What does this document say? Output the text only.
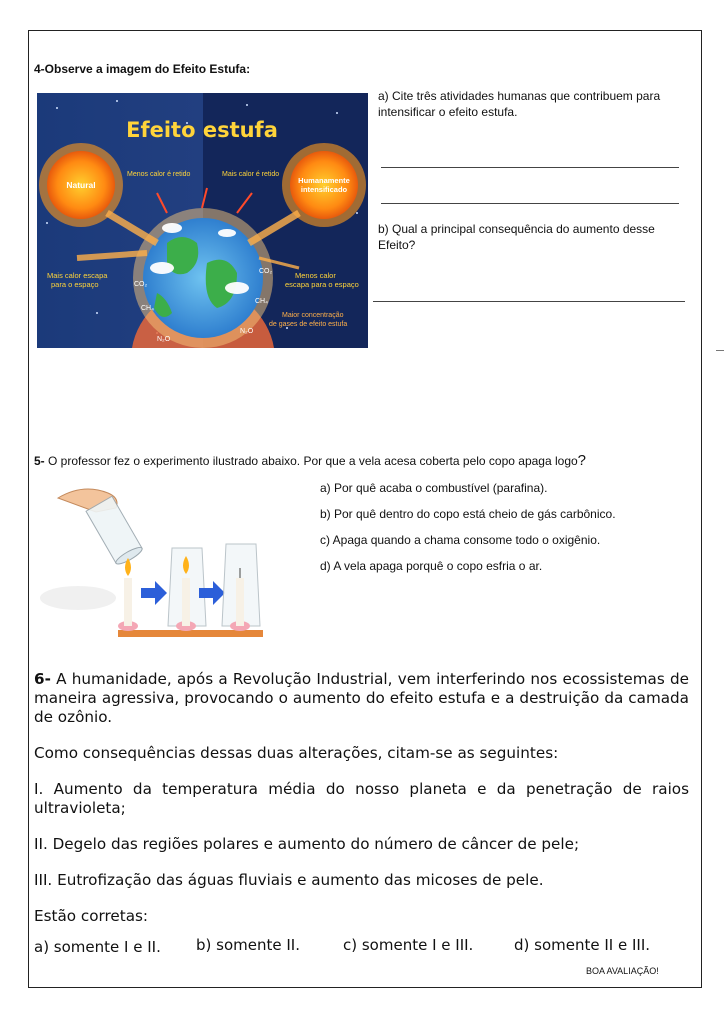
4-Observe a imagem do Efeito Estufa:
Efeito estufa
Natural	Humanamente intensificado
Menos calor é retido	Mais calor é retido
Mais calor escapa para o espaço
Menos calor escapa para o espaço
Maior concentração de gases de efeito estufa
CO₂
CH₄
N₂O
CO₂
CH₄
N₂O
a) Cite três atividades humanas que contribuem para intensificar o efeito estufa.
b) Qual a principal consequência do aumento desse Efeito?
5- O professor fez o experimento ilustrado abaixo. Por que a vela acesa coberta pelo copo apaga logo?
a) Por quê acaba o combustível (parafina).
b) Por quê dentro do copo está cheio de gás carbônico.
c) Apaga quando a chama consome todo o oxigênio.
d) A vela apaga porquê o copo esfria o ar.

6- A humanidade, após a Revolução Industrial, vem interferindo nos ecossistemas de maneira agressiva, provocando o aumento do efeito estufa e a destruição da camada de ozônio.

Como consequências dessas duas alterações, citam-se as seguintes:

I. Aumento da temperatura média do nosso planeta e da penetração de raios ultravioleta;

II. Degelo das regiões polares e aumento do número de câncer de pele;

III. Eutrofização das águas fluviais e aumento das micoses de pele.

Estão corretas:

a) somente I e II. b) somente II.	c) somente I e III.	d) somente II e III.
BOA AVALIAÇÃO!
